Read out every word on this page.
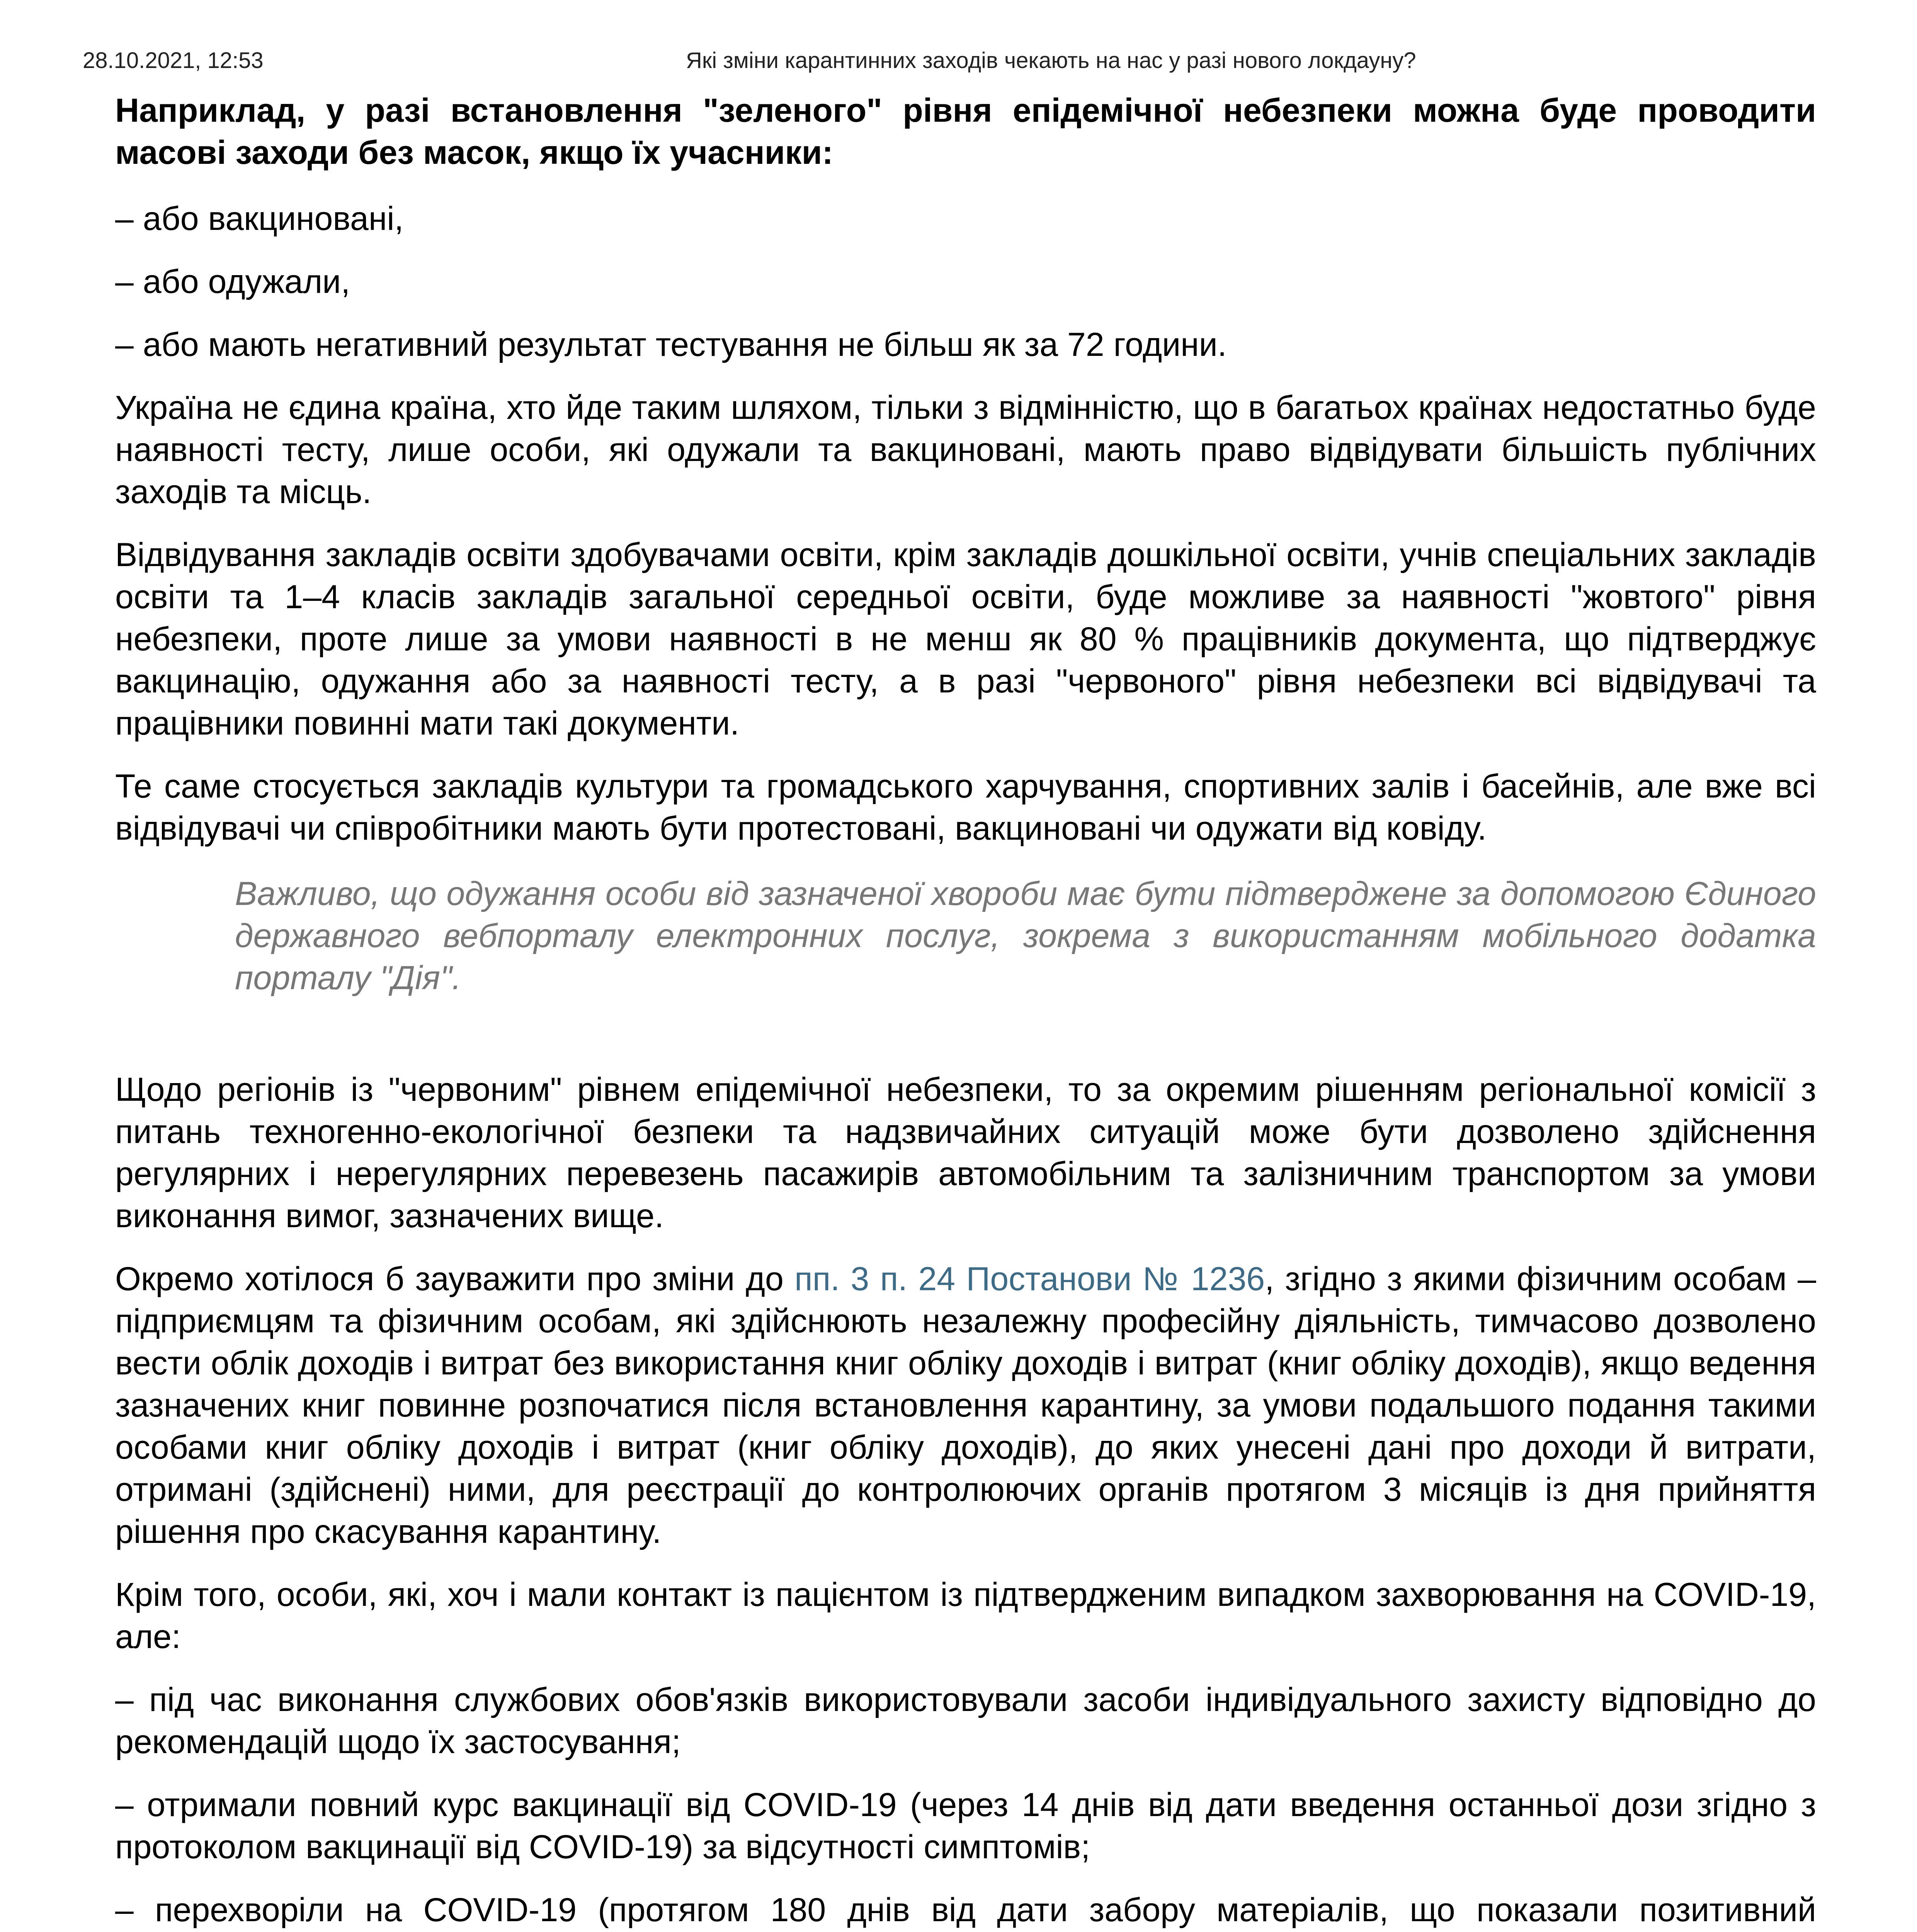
28.10.2021, 12:53	Які зміни карантинних заходів чекають на нас у разі нового локдауну?

Наприклад, у разі встановлення "зеленого" рівня епідемічної небезпеки можна буде проводити масові заходи без масок, якщо їх учасники:

– або вакциновані,

– або одужали,

– або мають негативний результат тестування не більш як за 72 години.

Україна не єдина країна, хто йде таким шляхом, тільки з відмінністю, що в багатьох країнах недостатньо буде наявності тесту, лише особи, які одужали та вакциновані, мають право відвідувати більшість публічних заходів та місць.

Відвідування закладів освіти здобувачами освіти, крім закладів дошкільної освіти, учнів спеціальних закладів освіти та 1–4 класів закладів загальної середньої освіти, буде можливе за наявності "жовтого" рівня небезпеки, проте лише за умови наявності в не менш як 80 % працівників документа, що підтверджує вакцинацію, одужання або за наявності тесту, а в разі "червоного" рівня небезпеки всі відвідувачі та працівники повинні мати такі документи.

Те саме стосується закладів культури та громадського харчування, спортивних залів і басейнів, але вже всі відвідувачі чи співробітники мають бути протестовані, вакциновані чи одужати від ковіду.

Важливо, що одужання особи від зазначеної хвороби має бути підтверджене за допомогою Єдиного державного вебпорталу електронних послуг, зокрема з використанням мобільного додатка порталу "Дія".

Щодо регіонів із "червоним" рівнем епідемічної небезпеки, то за окремим рішенням регіональної комісії з питань техногенно-екологічної безпеки та надзвичайних ситуацій може бути дозволено здійснення регулярних і нерегулярних перевезень пасажирів автомобільним та залізничним транспортом за умови виконання вимог, зазначених вище.

Окремо хотілося б зауважити про зміни до пп. 3 п. 24 Постанови № 1236, згідно з якими фізичним особам – підприємцям та фізичним особам, які здійснюють незалежну професійну діяльність, тимчасово дозволено вести облік доходів і витрат без використання книг обліку доходів і витрат (книг обліку доходів), якщо ведення зазначених книг повинне розпочатися після встановлення карантину, за умови подальшого подання такими особами книг обліку доходів і витрат (книг обліку доходів), до яких унесені дані про доходи й витрати, отримані (здійснені) ними, для реєстрації до контролюючих органів протягом 3 місяців із дня прийняття рішення про скасування карантину.

Крім того, особи, які, хоч і мали контакт із пацієнтом із підтвердженим випадком захворювання на COVID-19, але:

– під час виконання службових обов'язків використовували засоби індивідуального захисту відповідно до рекомендацій щодо їх застосування;

– отримали повний курс вакцинації від COVID-19 (через 14 днів від дати введення останньої дози згідно з протоколом вакцинації від COVID-19) за відсутності симптомів;

– перехворіли на COVID-19 (протягом 180 днів від дати забору матеріалів, що показали позитивний
